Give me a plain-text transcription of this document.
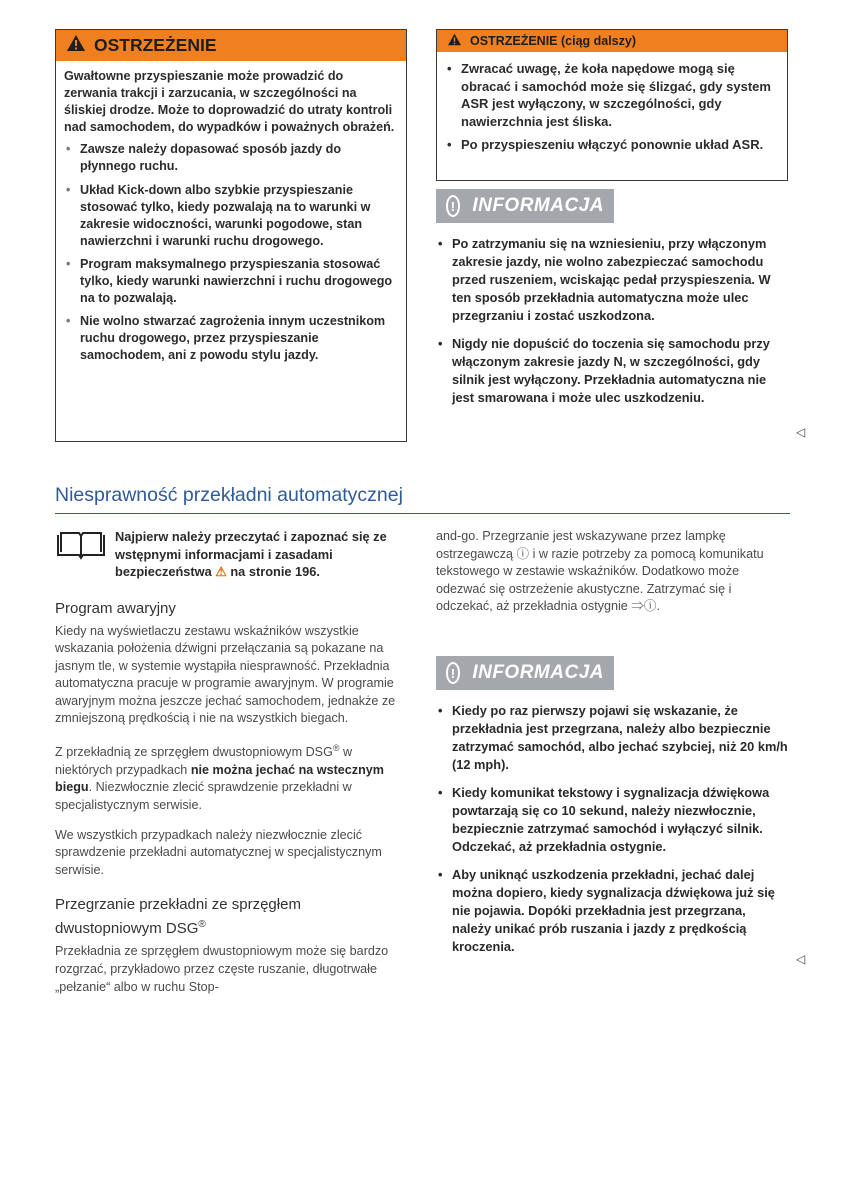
OSTRZEŻENIE

Gwałtowne przyspieszanie może prowadzić do zerwania trakcji i zarzucania, w szczególności na śliskiej drodze. Może to doprowadzić do utraty kontroli nad samochodem, do wypadków i poważnych obrażeń.

• Zawsze należy dopasować sposób jazdy do płynnego ruchu.
• Układ Kick-down albo szybkie przyspieszanie stosować tylko, kiedy pozwalają na to warunki w zakresie widoczności, warunki pogodowe, stan nawierzchni i warunki ruchu drogowego.
• Program maksymalnego przyspieszania stosować tylko, kiedy warunki nawierzchni i ruchu drogowego na to pozwalają.
• Nie wolno stwarzać zagrożenia innym uczestnikom ruchu drogowego, przez przyspieszanie samochodem, ani z powodu stylu jazdy.
OSTRZEŻENIE (ciąg dalszy)
• Zwracać uwagę, że koła napędowe mogą się obracać i samochód może się ślizgać, gdy system ASR jest wyłączony, w szczególności, gdy nawierzchnia jest śliska.
• Po przyspieszeniu włączyć ponownie układ ASR.
! INFORMACJA
• Po zatrzymaniu się na wzniesieniu, przy włączonym zakresie jazdy, nie wolno zabezpieczać samochodu przed ruszeniem, wciskając pedał przyspieszenia. W ten sposób przekładnia automatyczna może ulec przegrzaniu i zostać uszkodzona.
• Nigdy nie dopuścić do toczenia się samochodu przy włączonym zakresie jazdy N, w szczególności, gdy silnik jest wyłączony. Przekładnia automatyczna nie jest smarowana i może ulec uszkodzeniu.
◁
Niesprawność przekładni automatycznej
Najpierw należy przeczytać i zapoznać się ze wstępnymi informacjami i zasadami bezpieczeństwa ⚠ na stronie 196.
Program awaryjny

Kiedy na wyświetlaczu zestawu wskaźników wszystkie wskazania położenia dźwigni przełączania są pokazane na jasnym tle, w systemie wystąpiła niesprawność. Przekładnia automatyczna pracuje w programie awaryjnym. W programie awaryjnym można jeszcze jechać samochodem, jednakże ze zmniejszoną prędkością i nie na wszystkich biegach.

Z przekładnią ze sprzęgłem dwustopniowym DSG® w niektórych przypadkach nie można jechać na wstecznym biegu. Niezwłocznie zlecić sprawdzenie przekładni w specjalistycznym serwisie.

We wszystkich przypadkach należy niezwłocznie zlecić sprawdzenie przekładni automatycznej w specjalistycznym serwisie.

Przegrzanie przekładni ze sprzęgłem dwustopniowym DSG®

Przekładnia ze sprzęgłem dwustopniowym może się bardzo rozgrzać, przykładowo przez częste ruszanie, długotrwałe „pełzanie“ albo w ruchu Stop-

and-go. Przegrzanie jest wskazywane przez lampkę ostrzegawczą ⓘ i w razie potrzeby za pomocą komunikatu tekstowego w zestawie wskaźników. Dodatkowo może odezwać się ostrzeżenie akustyczne. Zatrzymać się i odczekać, aż przekładnia ostygnie ⇒ⓘ.

! INFORMACJA
• Kiedy po raz pierwszy pojawi się wskazanie, że przekładnia jest przegrzana, należy albo bezpiecznie zatrzymać samochód, albo jechać szybciej, niż 20 km/h (12 mph).
• Kiedy komunikat tekstowy i sygnalizacja dźwiękowa powtarzają się co 10 sekund, należy niezwłocznie, bezpiecznie zatrzymać samochód i wyłączyć silnik. Odczekać, aż przekładnia ostygnie.
• Aby uniknąć uszkodzenia przekładni, jechać dalej można dopiero, kiedy sygnalizacja dźwiękowa już się nie pojawia. Dopóki przekładnia jest przegrzana, należy unikać prób ruszania i jazdy z prędkością kroczenia.
◁
